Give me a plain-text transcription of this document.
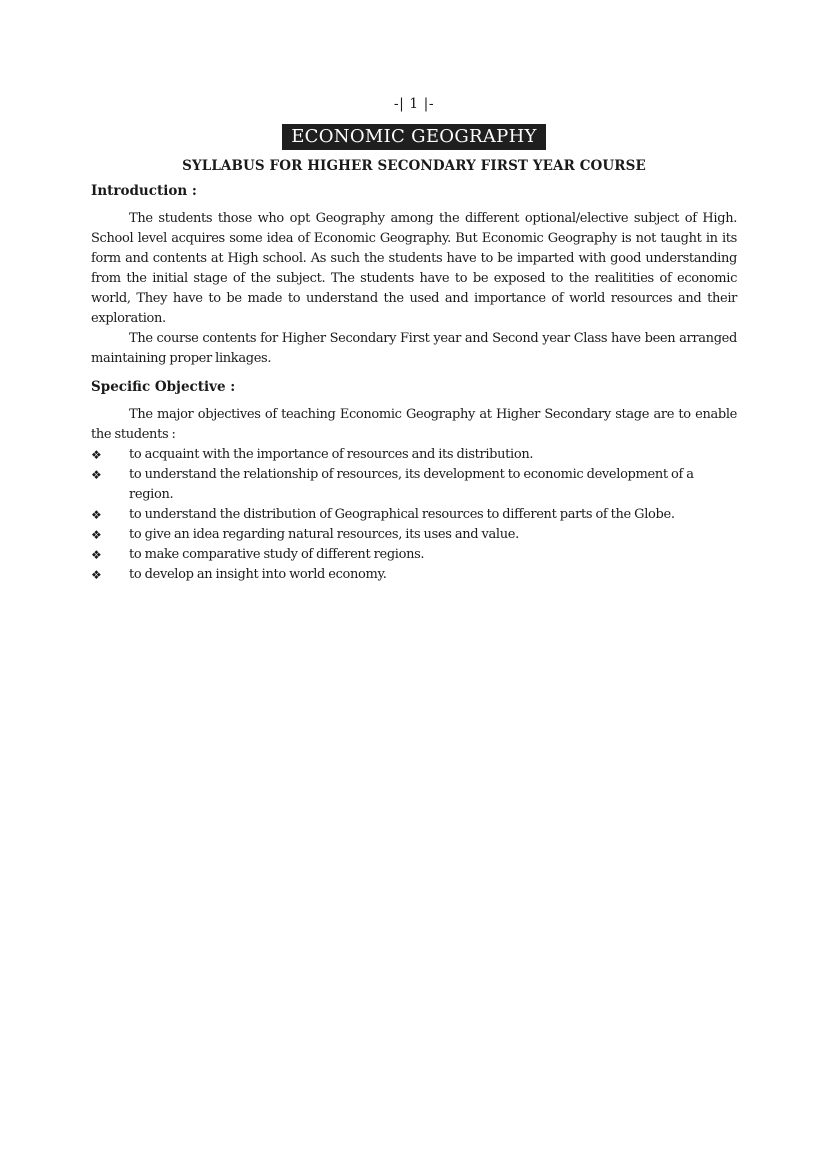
-| 1 |-
ECONOMIC GEOGRAPHY
SYLLABUS FOR HIGHER SECONDARY FIRST YEAR COURSE
Introduction :

The students those who opt Geography among the different optional/elective subject of High. School level acquires some idea of Economic Geography. But Economic Geography is not taught in its form and contents at High school. As such the students have to be imparted with good understanding from the initial stage of the subject. The students have to be exposed to the realitities of economic world, They have to be made to understand the used and importance of world resources and their exploration.

The course contents for Higher Secondary First year and Second year Class have been arranged maintaining proper linkages.

Specific Objective :

The major objectives of teaching Economic Geography at Higher Secondary stage are to enable the students :

❖ to acquaint with the importance of resources and its distribution.
❖ to understand the relationship of resources, its development to economic development of a region.
❖ to understand the distribution of Geographical resources to different parts of the Globe.
❖ to give an idea regarding natural resources, its uses and value.
❖ to make comparative study of different regions.
❖ to develop an insight into world economy.
